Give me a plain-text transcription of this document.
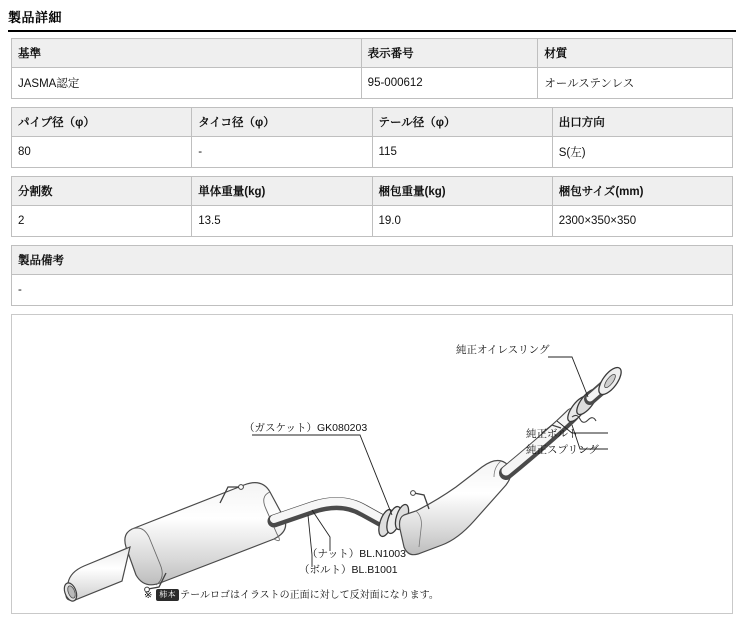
製品詳細
基準	表示番号	材質
JASMA認定	95-000612	オールステンレス
パイプ径（φ）	タイコ径（φ）	テール径（φ）	出口方向
80	-	115	S(左)
分割数	単体重量(kg)	梱包重量(kg)	梱包サイズ(mm)
2	13.5	19.0	2300×350×350
製品備考
-
純正オイレスリング
（ガスケット）GK080203	純正ボルト
純正スプリング
（ナット）BL.N1003
（ボルト）BL.B1001
※ 柿本 テールロゴはイラストの正面に対して反対面になります。
